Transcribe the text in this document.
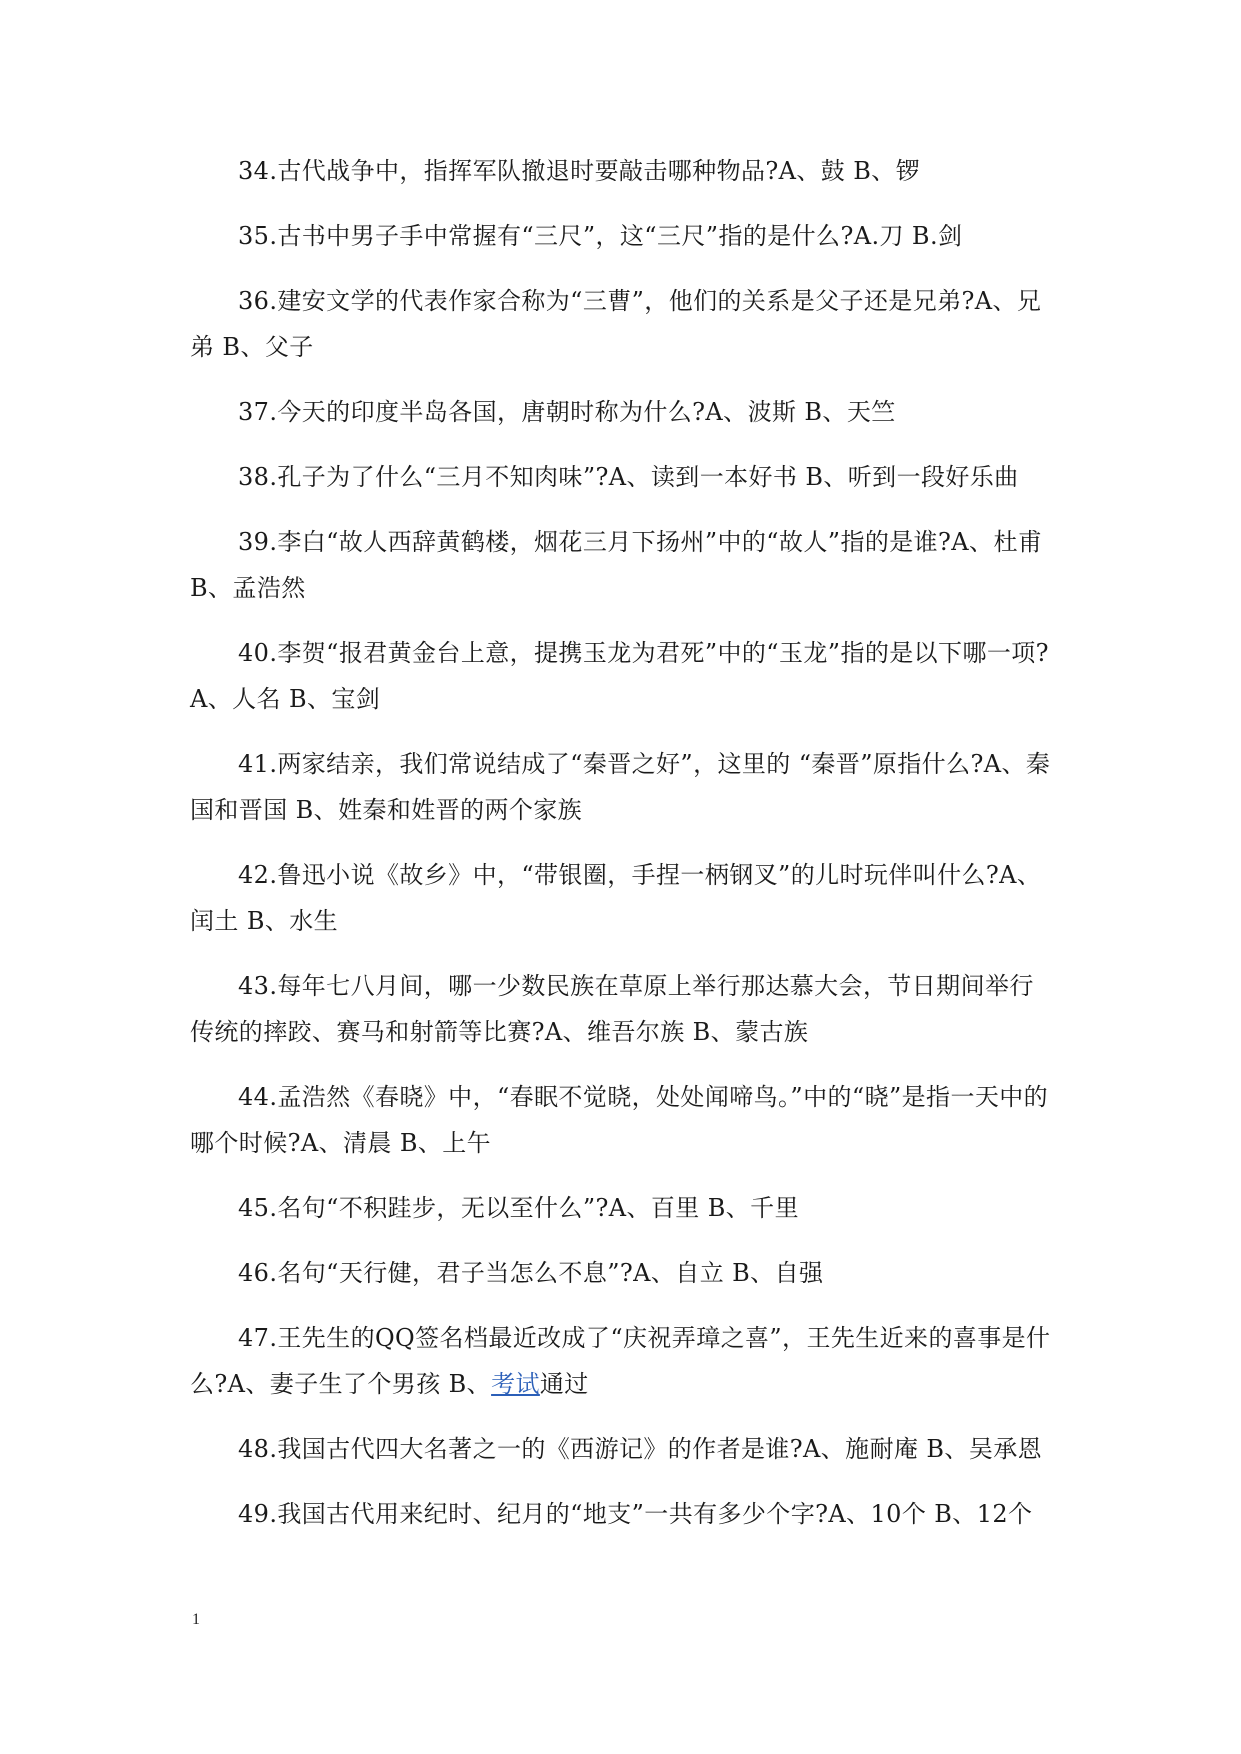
34.古代战争中，指挥军队撤退时要敲击哪种物品?A、鼓 B、锣

35.古书中男子手中常握有“三尺”，这“三尺”指的是什么?A.刀 B.剑

36.建安文学的代表作家合称为“三曹”，他们的关系是父子还是兄弟?A、兄弟 B、父子

37.今天的印度半岛各国，唐朝时称为什么?A、波斯 B、天竺

38.孔子为了什么“三月不知肉味”?A、读到一本好书 B、听到一段好乐曲

39.李白“故人西辞黄鹤楼，烟花三月下扬州”中的“故人”指的是谁?A、杜甫 B、孟浩然

40.李贺“报君黄金台上意，提携玉龙为君死”中的“玉龙”指的是以下哪一项?A、人名 B、宝剑

41.两家结亲，我们常说结成了“秦晋之好”，这里的 “秦晋”原指什么?A、秦国和晋国 B、姓秦和姓晋的两个家族

42.鲁迅小说《故乡》中，“带银圈，手捏一柄钢叉”的儿时玩伴叫什么?A、闰土 B、水生

43.每年七八月间，哪一少数民族在草原上举行那达慕大会，节日期间举行传统的摔跤、赛马和射箭等比赛?A、维吾尔族 B、蒙古族

44.孟浩然《春晓》中，“春眠不觉晓，处处闻啼鸟。”中的“晓”是指一天中的哪个时候?A、清晨 B、上午

45.名句“不积跬步，无以至什么”?A、百里 B、千里

46.名句“天行健，君子当怎么不息”?A、自立 B、自强

47.王先生的QQ签名档最近改成了“庆祝弄璋之喜”，王先生近来的喜事是什么?A、妻子生了个男孩 B、考试通过

48.我国古代四大名著之一的《西游记》的作者是谁?A、施耐庵 B、吴承恩

49.我国古代用来纪时、纪月的“地支”一共有多少个字?A、10个 B、12个

1
